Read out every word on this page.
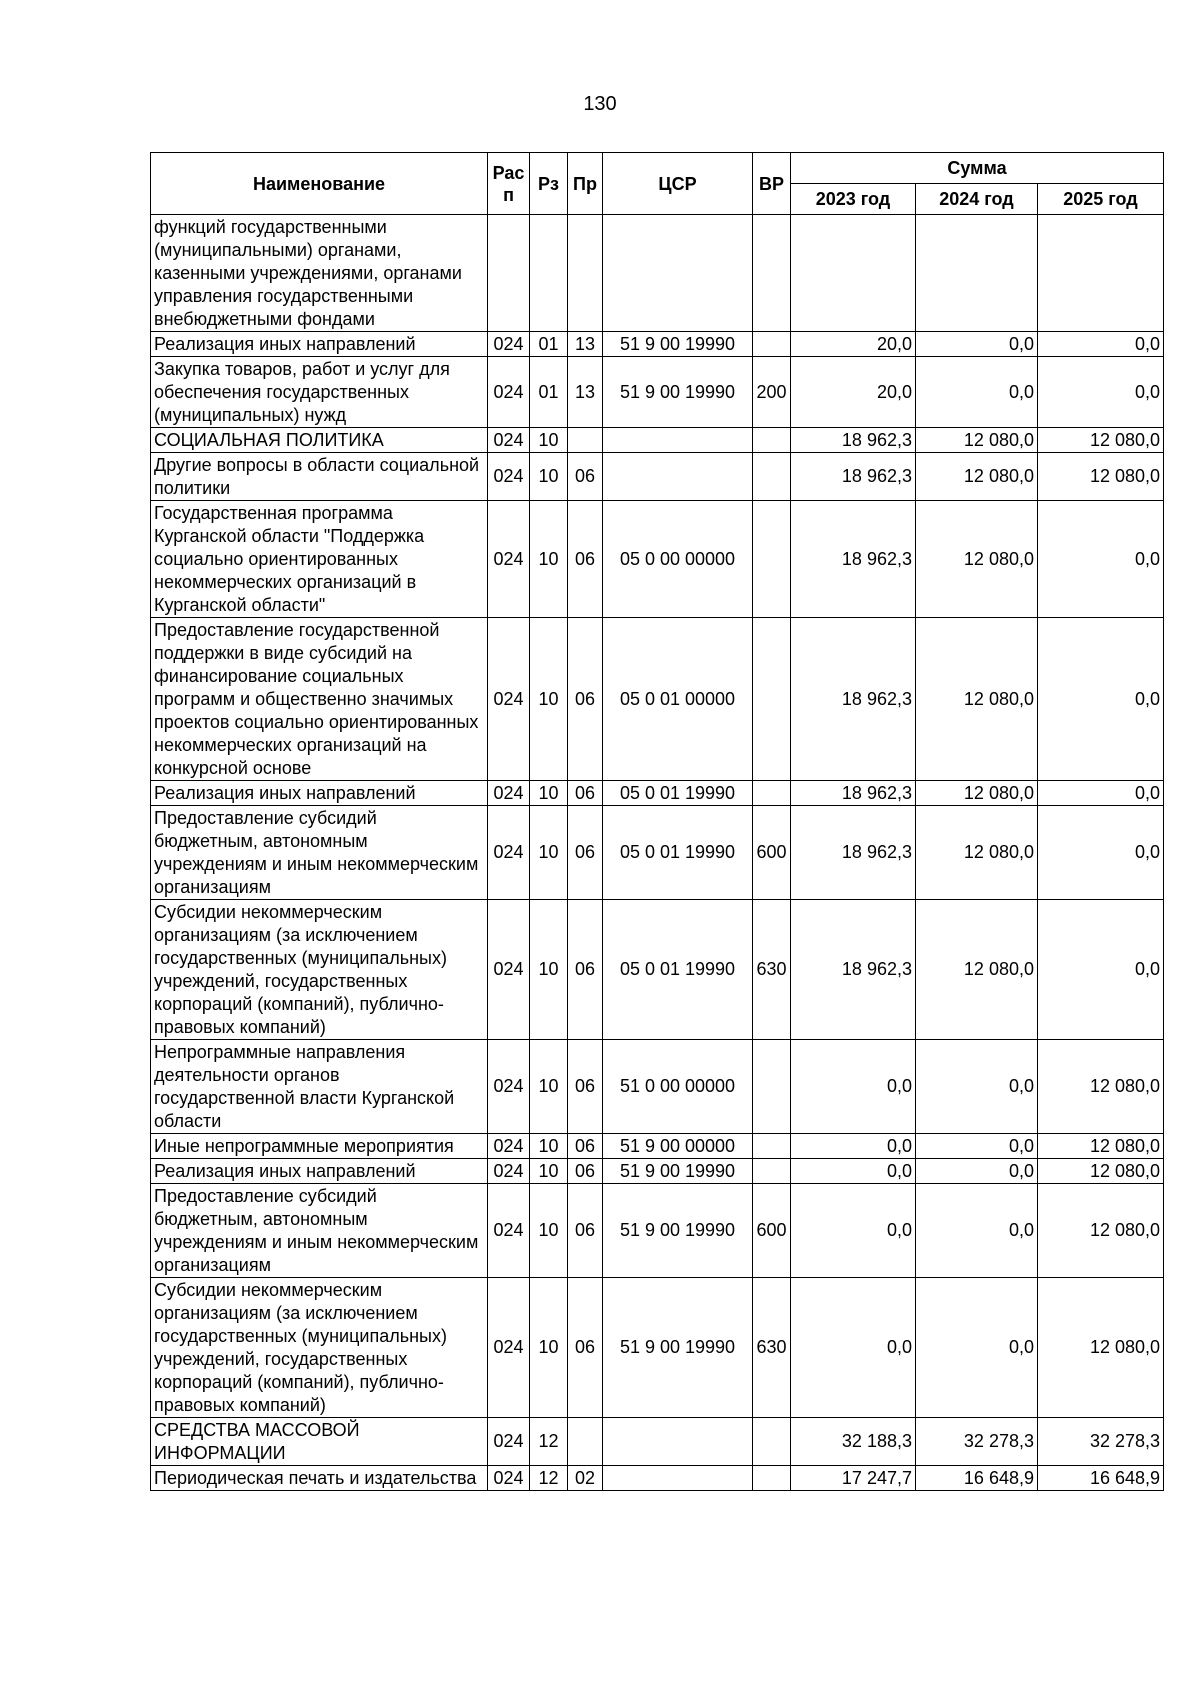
130
Наименование	Рас п	Рз	Пр	ЦСР	ВР	Сумма		
						2023 год	2024 год	2025 год
функций государственными (муниципальными) органами, казенными учреждениями, органами управления государственными внебюджетными фондами								
Реализация иных направлений	024	01	13	51 9 00 19990		20,0	0,0	0,0
Закупка товаров, работ и услуг для обеспечения государственных (муниципальных) нужд	024	01	13	51 9 00 19990	200	20,0	0,0	0,0
СОЦИАЛЬНАЯ ПОЛИТИКА	024	10				18 962,3	12 080,0	12 080,0
Другие вопросы в области социальной политики	024	10	06			18 962,3	12 080,0	12 080,0
Государственная программа Курганской области "Поддержка социально ориентированных некоммерческих организаций в Курганской области"	024	10	06	05 0 00 00000		18 962,3	12 080,0	0,0
Предоставление государственной поддержки в виде субсидий на финансирование социальных программ и общественно значимых проектов социально ориентированных некоммерческих организаций на конкурсной основе	024	10	06	05 0 01 00000		18 962,3	12 080,0	0,0
Реализация иных направлений	024	10	06	05 0 01 19990		18 962,3	12 080,0	0,0
Предоставление субсидий бюджетным, автономным учреждениям и иным некоммерческим организациям	024	10	06	05 0 01 19990	600	18 962,3	12 080,0	0,0
Субсидии некоммерческим организациям (за исключением государственных (муниципальных) учреждений, государственных корпораций (компаний), публично-правовых компаний)	024	10	06	05 0 01 19990	630	18 962,3	12 080,0	0,0
Непрограммные направления деятельности органов государственной власти Курганской области	024	10	06	51 0 00 00000		0,0	0,0	12 080,0
Иные непрограммные мероприятия	024	10	06	51 9 00 00000		0,0	0,0	12 080,0
Реализация иных направлений	024	10	06	51 9 00 19990		0,0	0,0	12 080,0
Предоставление субсидий бюджетным, автономным учреждениям и иным некоммерческим организациям	024	10	06	51 9 00 19990	600	0,0	0,0	12 080,0
Субсидии некоммерческим организациям (за исключением государственных (муниципальных) учреждений, государственных корпораций (компаний), публично-правовых компаний)	024	10	06	51 9 00 19990	630	0,0	0,0	12 080,0
СРЕДСТВА МАССОВОЙ ИНФОРМАЦИИ	024	12				32 188,3	32 278,3	32 278,3
Периодическая печать и издательства	024	12	02			17 247,7	16 648,9	16 648,9
